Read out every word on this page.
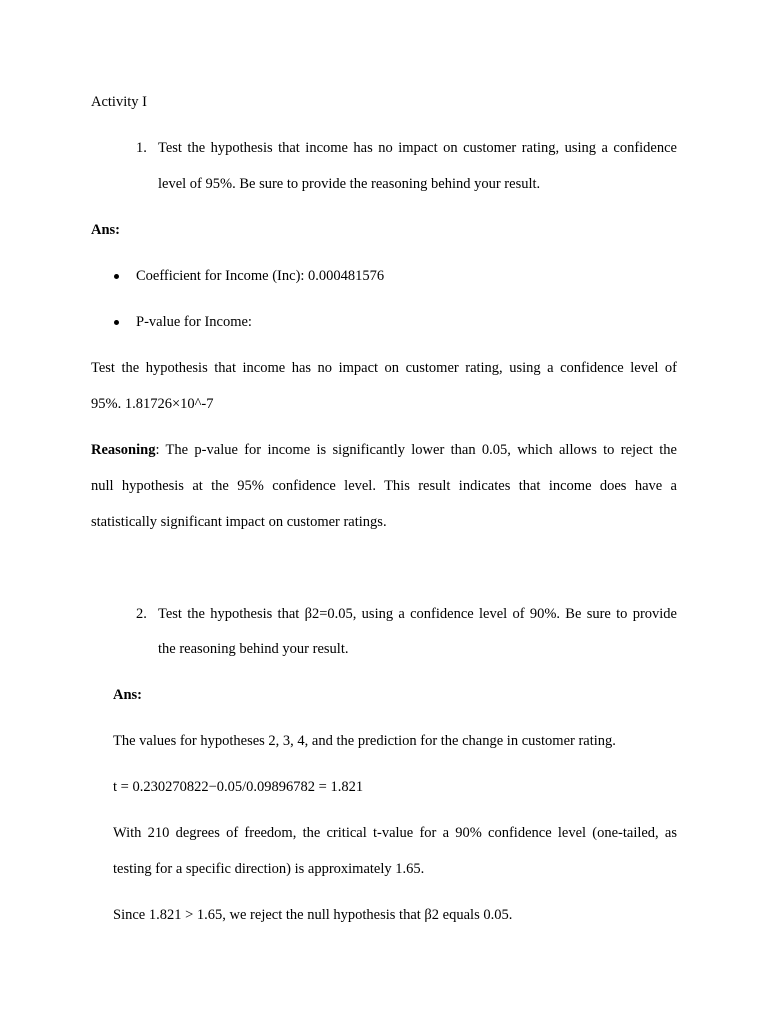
Activity I
1. Test the hypothesis that income has no impact on customer rating, using a confidence
level of 95%. Be sure to provide the reasoning behind your result.
Ans:
Coefficient for Income (Inc): 0.000481576
P-value for Income:
Test the hypothesis that income has no impact on customer rating, using a confidence level of
95%. 1.81726×10^-7
Reasoning: The p-value for income is significantly lower than 0.05, which allows to reject the
null hypothesis at the 95% confidence level. This result indicates that income does have a
statistically significant impact on customer ratings.
2. Test the hypothesis that β2=0.05, using a confidence level of 90%. Be sure to provide
the reasoning behind your result.
Ans:
The values for hypotheses 2, 3, 4, and the prediction for the change in customer rating.
t = 0.230270822−0.05/0.09896782 = 1.821
With 210 degrees of freedom, the critical t-value for a 90% confidence level (one-tailed, as
testing for a specific direction) is approximately 1.65.
Since 1.821 > 1.65, we reject the null hypothesis that β2 equals 0.05.
